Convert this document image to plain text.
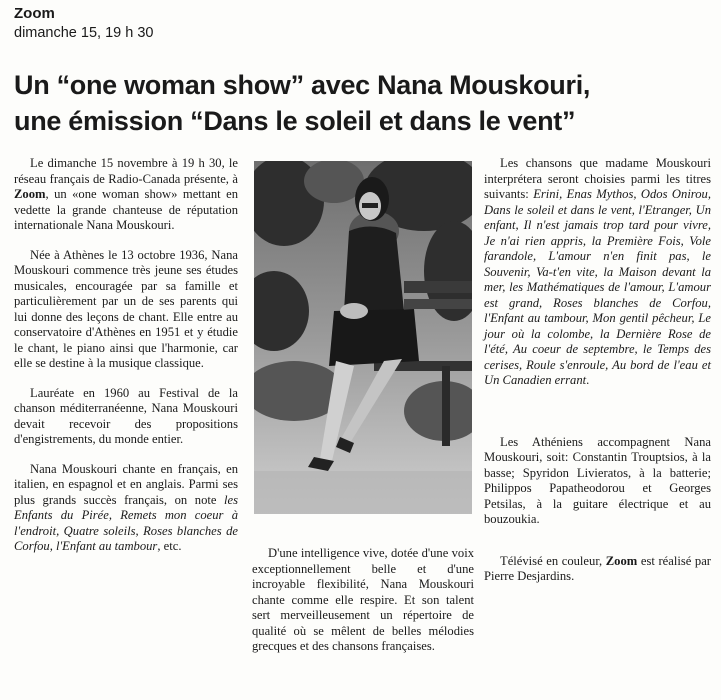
Zoom
dimanche 15, 19 h 30
Un “one woman show” avec Nana Mouskouri,
une émission “Dans le soleil et dans le vent”

Le dimanche 15 novembre à 19 h 30, le réseau français de Radio-Canada présente, à Zoom, un «one woman show» mettant en vedette la grande chanteuse de réputation internationale Nana Mouskouri.

Née à Athènes le 13 octobre 1936, Nana Mouskouri commence très jeune ses études musicales, encouragée par sa famille et particulièrement par un de ses parents qui lui donne des leçons de chant. Elle entre au conservatoire d'Athènes en 1951 et y étudie le chant, le piano ainsi que l'harmonie, car elle se destine à la musique classique.

Lauréate en 1960 au Festival de la chanson méditerranéenne, Nana Mouskouri devait recevoir des propositions d'engistrements, du monde entier.

Nana Mouskouri chante en français, en italien, en espagnol et en anglais. Parmi ses plus grands succès français, on note les Enfants du Pirée, Remets mon coeur à l'endroit, Quatre soleils, Roses blanches de Corfou, l'Enfant au tambour, etc.	D'une intelligence vive, dotée d'une voix exceptionnellement belle et d'une incroyable flexibilité, Nana Mouskouri chante comme elle respire. Et son talent sert merveilleusement un répertoire de qualité où se mêlent de belles mélodies grecques et des chansons françaises.

Les chansons que madame Mouskouri interprétera seront choisies parmi les titres suivants: Erini, Enas Mythos, Odos Onirou, Dans le soleil et dans le vent, l'Etranger, Un enfant, Il n'est jamais trop tard pour vivre, Je n'ai rien appris, la Première Fois, Vole farandole, L'amour n'en finit pas, le Souvenir, Va-t'en vite, la Maison devant la mer, les Mathématiques de l'amour, L'amour est grand, Roses blanches de Corfou, l'Enfant au tambour, Mon gentil pêcheur, Le jour où la colombe, la Dernière Rose de l'été, Au coeur de septembre, le Temps des cerises, Roule s'enroule, Au bord de l'eau et Un Canadien errant.

Les Athéniens accompagnent Nana Mouskouri, soit: Constantin Trouptsios, à la basse; Spyridon Livieratos, à la batterie; Philippos Papatheodorou et Georges Petsilas, à la guitare électrique et au bouzoukia.

Télévisé en couleur, Zoom est réalisé par Pierre Desjardins.
